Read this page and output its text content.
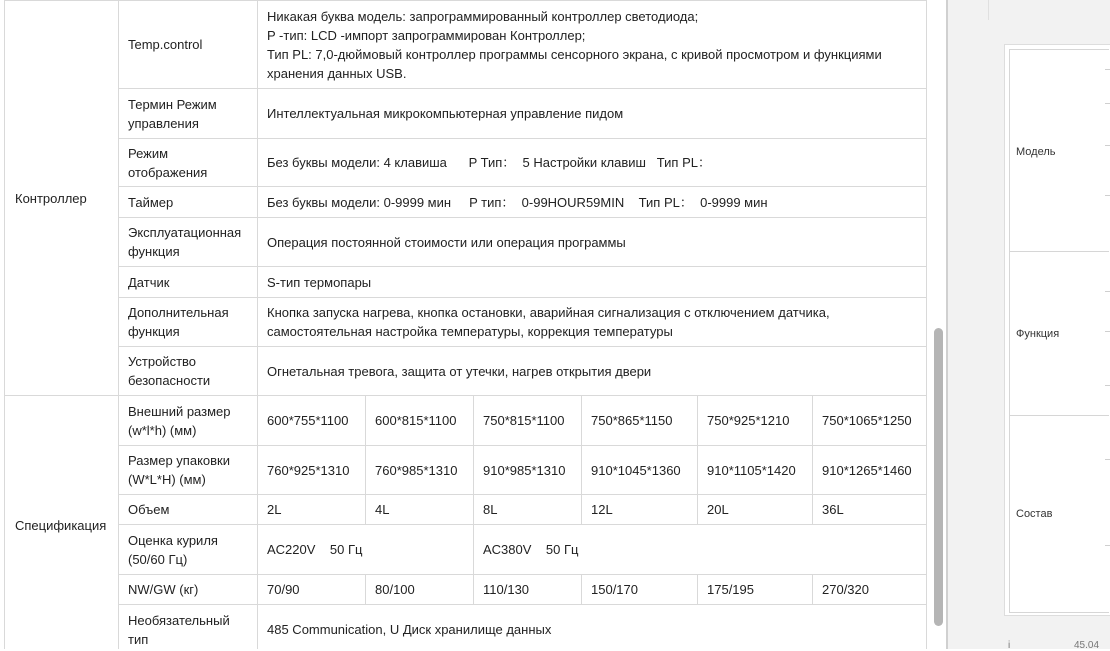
Контроллер	Temp.control	Никакая буква модель: запрограммированный контроллер светодиода;
P -тип: LCD -импорт запрограммирован Контроллер;
Тип PL: 7,0-дюймовый контроллер программы сенсорного экрана, с кривой просмотром и функциями хранения данных USB.					
	Термин Режим управления	Интеллектуальная микрокомпьютерная управление пидом					
	Режим отображения	Без буквы модели: 4 клавиша      P Тип：  5 Настройки клавиш   Тип PL：					
	Таймер	Без буквы модели: 0-9999 мин     P тип：  0-99HOUR59MIN    Тип PL：  0-9999 мин					
	Эксплуатационная функция	Операция постоянной стоимости или операция программы					
	Датчик	S-тип термопары					
	Дополнительная функция	Кнопка запуска нагрева, кнопка остановки, аварийная сигнализация с отключением датчика, самостоятельная настройка температуры, коррекция температуры					
	Устройство безопасности	Огнетальная тревога, защита от утечки, нагрев открытия двери					
Спецификация	Внешний размер (w*l*h) (мм)	600*755*1100	600*815*1100	750*815*1100	750*865*1150	750*925*1210	750*1065*1250
	Размер упаковки (W*L*H) (мм)	760*925*1310	760*985*1310	910*985*1310	910*1045*1360	910*1105*1420	910*1265*1460
	Объем	2L	4L	8L	12L	20L	36L
	Оценка куриля (50/60 Гц)	AC220V    50 Гц		AC380V    50 Гц			
	NW/GW (кг)	70/90	80/100	110/130	150/170	175/195	270/320
	Необязательный тип	485 Communication, U Диск хранилище данных					
Модель
Функция
Состав
i	45.04
